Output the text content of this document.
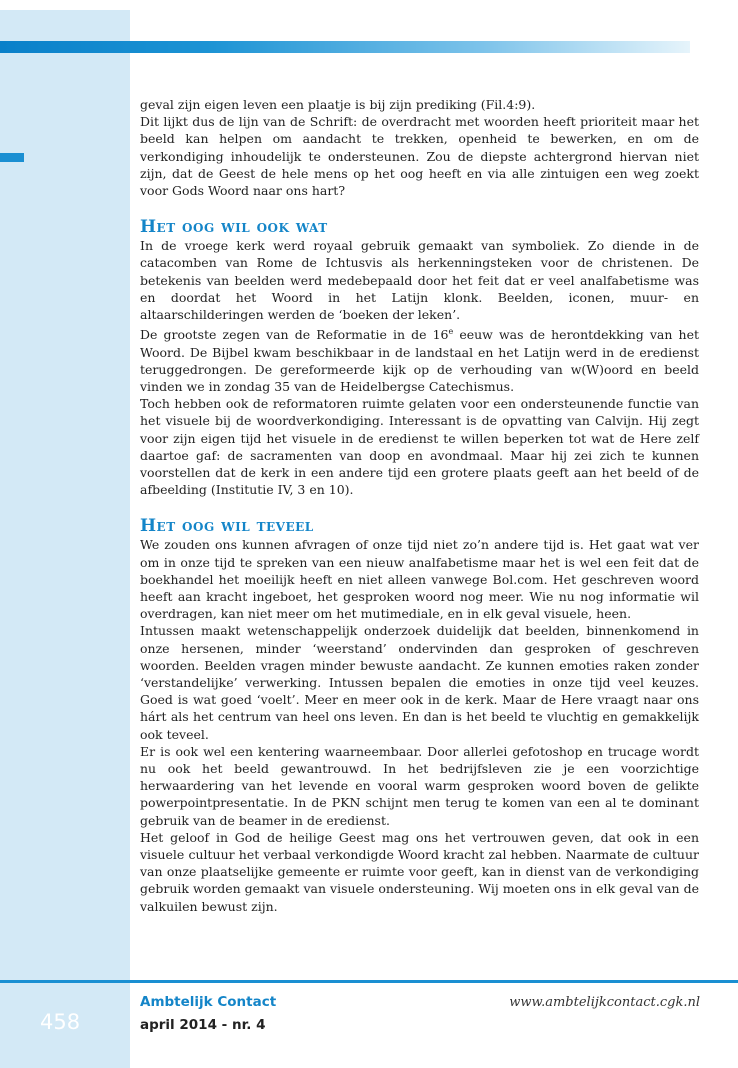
geval zijn eigen leven een plaatje is bij zijn prediking (Fil.4:9).

Dit lijkt dus de lijn van de Schrift: de overdracht met woorden heeft prioriteit maar het beeld kan helpen om aandacht te trekken, openheid te bewerken, en om de verkondiging inhoudelijk te ondersteunen. Zou de diepste achtergrond hiervan niet zijn, dat de Geest de hele mens op het oog heeft en via alle zintuigen een weg zoekt voor Gods Woord naar ons hart?

Het oog wil ook wat

In de vroege kerk werd royaal gebruik gemaakt van symboliek. Zo diende in de catacomben van Rome de Ichtusvis als herkenningsteken voor de christenen. De betekenis van beelden werd medebepaald door het feit dat er veel analfabetisme was en doordat het Woord in het Latijn klonk. Beelden, iconen, muur- en altaarschilderingen werden de ‘boeken der leken’.

De grootste zegen van de Reformatie in de 16e eeuw was de herontdekking van het Woord. De Bijbel kwam beschikbaar in de landstaal en het Latijn werd in de eredienst teruggedrongen. De gereformeerde kijk op de verhouding van w(W)oord en beeld vinden we in zondag 35 van de Heidelbergse Catechismus.

Toch hebben ook de reformatoren ruimte gelaten voor een ondersteunende functie van het visuele bij de woordverkondiging. Interessant is de opvatting van Calvijn. Hij zegt voor zijn eigen tijd het visuele in de eredienst te willen beperken tot wat de Here zelf daartoe gaf: de sacramenten van doop en avondmaal. Maar hij zei zich te kunnen voorstellen dat de kerk in een andere tijd een grotere plaats geeft aan het beeld of de afbeelding (Institutie IV, 3 en 10).

Het oog wil teveel

We zouden ons kunnen afvragen of onze tijd niet zo’n andere tijd is. Het gaat wat ver om in onze tijd te spreken van een nieuw analfabetisme maar het is wel een feit dat de boekhandel het moeilijk heeft en niet alleen vanwege Bol.com. Het geschreven woord heeft aan kracht ingeboet, het gesproken woord nog meer. Wie nu nog informatie wil overdragen, kan niet meer om het mutimediale, en in elk geval visuele, heen.

Intussen maakt wetenschappelijk onderzoek duidelijk dat beelden, binnenkomend in onze hersenen, minder ‘weerstand’ ondervinden dan gesproken of geschreven woorden. Beelden vragen minder bewuste aandacht. Ze kunnen emoties raken zonder ‘verstandelijke’ verwerking. Intussen bepalen die emoties in onze tijd veel keuzes. Goed is wat goed ‘voelt’. Meer en meer ook in de kerk. Maar de Here vraagt naar ons hárt als het centrum van heel ons leven. En dan is het beeld te vluchtig en gemakkelijk ook teveel.

Er is ook wel een kentering waarneembaar. Door allerlei gefotoshop en trucage wordt nu ook het beeld gewantrouwd. In het bedrijfsleven zie je een voorzichtige herwaardering van het levende en vooral warm gesproken woord boven de gelikte powerpointpresentatie. In de PKN schijnt men terug te komen van een al te dominant gebruik van de beamer in de eredienst.

Het geloof in God de heilige Geest mag ons het vertrouwen geven, dat ook in een visuele cultuur het verbaal verkondigde Woord kracht zal hebben. Naarmate de cultuur van onze plaatselijke gemeente er ruimte voor geeft, kan in dienst van de verkondiging gebruik worden gemaakt van visuele ondersteuning. Wij moeten ons in elk geval van de valkuilen bewust zijn.

458
Ambtelijk Contact
april 2014 - nr. 4
www.ambtelijkcontact.cgk.nl
